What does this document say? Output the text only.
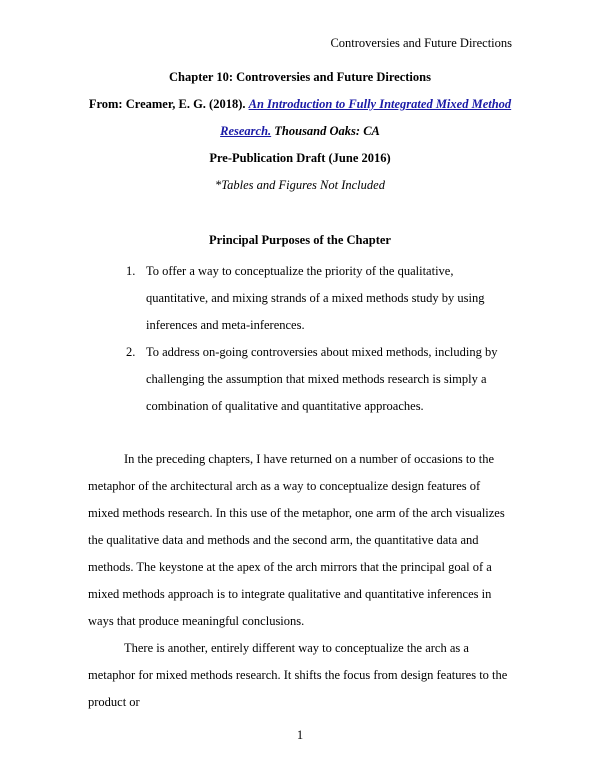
Controversies and Future Directions
Chapter 10: Controversies and Future Directions
From: Creamer, E. G. (2018). An Introduction to Fully Integrated Mixed Method Research. Thousand Oaks: CA
Pre-Publication Draft (June 2016)
*Tables and Figures Not Included
Principal Purposes of the Chapter
1. To offer a way to conceptualize the priority of the qualitative, quantitative, and mixing strands of a mixed methods study by using inferences and meta-inferences.
2. To address on-going controversies about mixed methods, including by challenging the assumption that mixed methods research is simply a combination of qualitative and quantitative approaches.

In the preceding chapters, I have returned on a number of occasions to the metaphor of the architectural arch as a way to conceptualize design features of mixed methods research. In this use of the metaphor, one arm of the arch visualizes the qualitative data and methods and the second arm, the quantitative data and methods. The keystone at the apex of the arch mirrors that the principal goal of a mixed methods approach is to integrate qualitative and quantitative inferences in ways that produce meaningful conclusions.

There is another, entirely different way to conceptualize the arch as a metaphor for mixed methods research. It shifts the focus from design features to the product or

1
